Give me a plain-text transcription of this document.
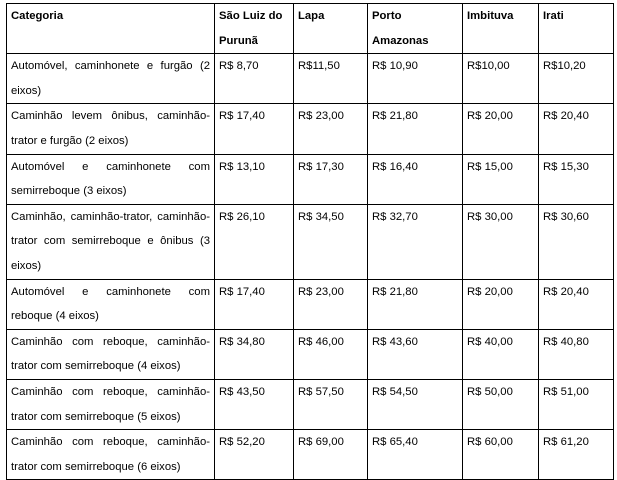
Categoria	São Luiz do Purunã	Lapa	Porto Amazonas	Imbituva	Irati
Automóvel, caminhonete e furgão (2 eixos)	R$ 8,70	R$11,50	R$ 10,90	R$10,00	R$10,20
Caminhão levem ônibus, caminhão-trator e furgão (2 eixos)	R$ 17,40	R$ 23,00	R$ 21,80	R$ 20,00	R$ 20,40
Automóvel e caminhonete com semirreboque (3 eixos)	R$ 13,10	R$ 17,30	R$ 16,40	R$ 15,00	R$ 15,30
Caminhão, caminhão-trator, caminhão-trator com semirreboque e ônibus (3 eixos)	R$ 26,10	R$ 34,50	R$ 32,70	R$ 30,00	R$ 30,60
Automóvel e caminhonete com reboque (4 eixos)	R$ 17,40	R$ 23,00	R$ 21,80	R$ 20,00	R$ 20,40
Caminhão com reboque, caminhão-trator com semirreboque (4 eixos)	R$ 34,80	R$ 46,00	R$ 43,60	R$ 40,00	R$ 40,80
Caminhão com reboque, caminhão-trator com semirreboque (5 eixos)	R$ 43,50	R$ 57,50	R$ 54,50	R$ 50,00	R$ 51,00
Caminhão com reboque, caminhão-trator com semirreboque (6 eixos)	R$ 52,20	R$ 69,00	R$ 65,40	R$ 60,00	R$ 61,20
